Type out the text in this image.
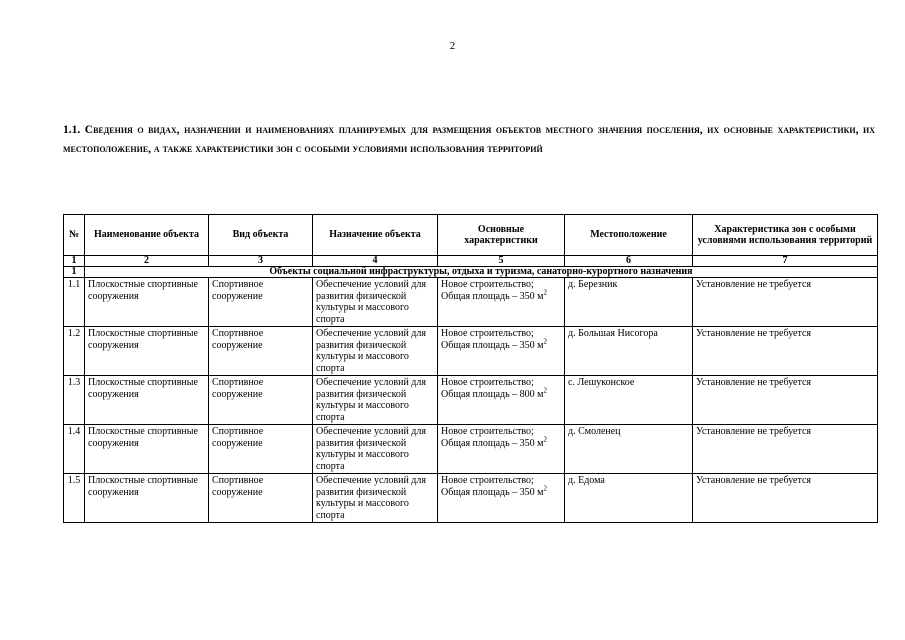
2
1.1. Сведения о видах, назначении и наименованиях планируемых для размещения объектов местного значения поселения, их основные характеристики, их местоположение, а также характеристики зон с особыми условиями использования территорий
№	Наименование объекта	Вид объекта	Назначение объекта	Основные характеристики	Местоположение	Характеристика зон с особыми условиями использования территорий
1	2	3	4	5	6	7
1	Объекты социальной инфраструктуры, отдыха и туризма, санаторно-курортного назначения					
1.1	Плоскостные спортивные сооружения	Спортивное сооружение	Обеспечение условий для развития физической культуры и массового спорта	Новое строительство;
Общая площадь – 350 $м^2$	д. Березник	Установление не требуется
1.2	Плоскостные спортивные сооружения	Спортивное сооружение	Обеспечение условий для развития физической культуры и массового спорта	Новое строительство;
Общая площадь – 350 $м^2$	д. Большая Нисогора	Установление не требуется
1.3	Плоскостные спортивные сооружения	Спортивное сооружение	Обеспечение условий для развития физической культуры и массового спорта	Новое строительство;
Общая площадь – 800 $м^2$	с. Лешуконское	Установление не требуется
1.4	Плоскостные спортивные сооружения	Спортивное сооружение	Обеспечение условий для развития физической культуры и массового спорта	Новое строительство;
Общая площадь – 350 $м^2$	д. Смоленец	Установление не требуется
1.5	Плоскостные спортивные сооружения	Спортивное сооружение	Обеспечение условий для развития физической культуры и массового спорта	Новое строительство;
Общая площадь – 350 $м^2$	д. Едома	Установление не требуется
